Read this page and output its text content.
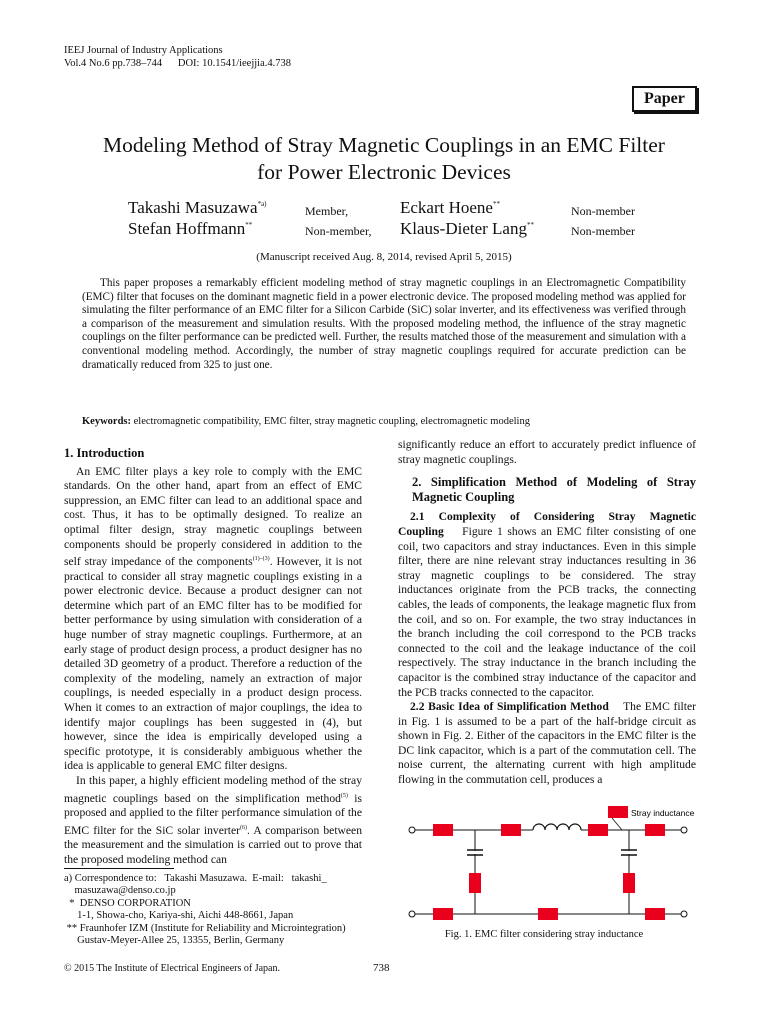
IEEJ Journal of Industry Applications
Vol.4 No.6 pp.738–744 DOI: 10.1541/ieejjia.4.738
Paper
Modeling Method of Stray Magnetic Couplings in an EMC Filter
for Power Electronic Devices
Takashi Masuzawa$^{*a)}$	Member,	Eckart Hoene**	Non-member
Stefan Hoffmann**	Non-member, Klaus-Dieter Lang**	Non-member
(Manuscript received Aug. 8, 2014, revised April 5, 2015)
This paper proposes a remarkably efficient modeling method of stray magnetic couplings in an Electromagnetic Compatibility (EMC) filter that focuses on the dominant magnetic field in a power electronic device. The proposed modeling method was applied for simulating the filter performance of an EMC filter for a Silicon Carbide (SiC) solar inverter, and its effectiveness was verified through a comparison of the measurement and simulation results. With the proposed modeling method, the influence of the stray magnetic couplings on the filter performance can be predicted well. Further, the results matched those of the measurement and simulation with a conventional modeling method. Accordingly, the number of stray magnetic couplings required for accurate prediction can be dramatically reduced from 325 to just one.
Keywords: electromagnetic compatibility, EMC filter, stray magnetic coupling, electromagnetic modeling
1. Introduction

An EMC filter plays a key role to comply with the EMC standards. On the other hand, apart from an effect of EMC suppression, an EMC filter can lead to an additional space and cost. Thus, it has to be optimally designed. To realize an optimal filter design, stray magnetic couplings between components should be properly considered in addition to the self stray impedance of the components$^{(1)-(3)}$. However, it is not practical to consider all stray magnetic couplings existing in a power electronic device. Because a product designer can not determine which part of an EMC filter has to be modified for better performance by using simulation with consideration of a huge number of stray magnetic couplings. Furthermore, at an early stage of product design process, a product designer has no detailed 3D geometry of a product. Therefore a reduction of the complexity of the modeling, namely an extraction of major couplings, is needed especially in a product design process. When it comes to an extraction of major couplings, the idea to identify major couplings has been suggested in (4), but however, since the idea is empirically developed using a specific prototype, it is considerably ambiguous whether the idea is applicable to general EMC filter designs.

In this paper, a highly efficient modeling method of the stray magnetic couplings based on the simplification method$^{(5)}$ is proposed and applied to the filter performance simulation of the EMC filter for the SiC solar inverter$^{(6)}$. A comparison between the measurement and the simulation is carried out to prove that the proposed modeling method can

significantly reduce an effort to accurately predict influence of stray magnetic couplings.

2. Simplification Method of Modeling of Stray Magnetic Coupling

2.1 Complexity of Considering Stray Magnetic Coupling Figure 1 shows an EMC filter consisting of one coil, two capacitors and stray inductances. Even in this simple filter, there are nine relevant stray inductances resulting in 36 stray magnetic couplings to be considered. The stray inductances originate from the PCB tracks, the connecting cables, the leads of components, the leakage magnetic flux from the coil, and so on. For example, the two stray inductances in the branch including the coil correspond to the PCB tracks connected to the coil and the leakage inductance of the coil respectively. The stray inductance in the branch including the capacitor is the combined stray inductance of the capacitor and the PCB tracks connected to the capacitor.

2.2 Basic Idea of Simplification Method The EMC filter in Fig. 1 is assumed to be a part of the half-bridge circuit as shown in Fig. 2. Either of the capacitors in the EMC filter is the DC link capacitor, which is a part of the commutation cell. The noise current, the alternating current with high amplitude flowing in the commutation cell, produces a

Stray inductance
Fig. 1. EMC filter considering stray inductance
a) Correspondence to:   Takashi Masuzawa.  E-mail:   takashi_
masuzawa@denso.co.jp
*  DENSO CORPORATION
1-1, Showa-cho, Kariya-shi, Aichi 448-8661, Japan
** Fraunhofer IZM (Institute for Reliability and Microintegration)
Gustav-Meyer-Allee 25, 13355, Berlin, Germany
© 2015 The Institute of Electrical Engineers of Japan.	738
